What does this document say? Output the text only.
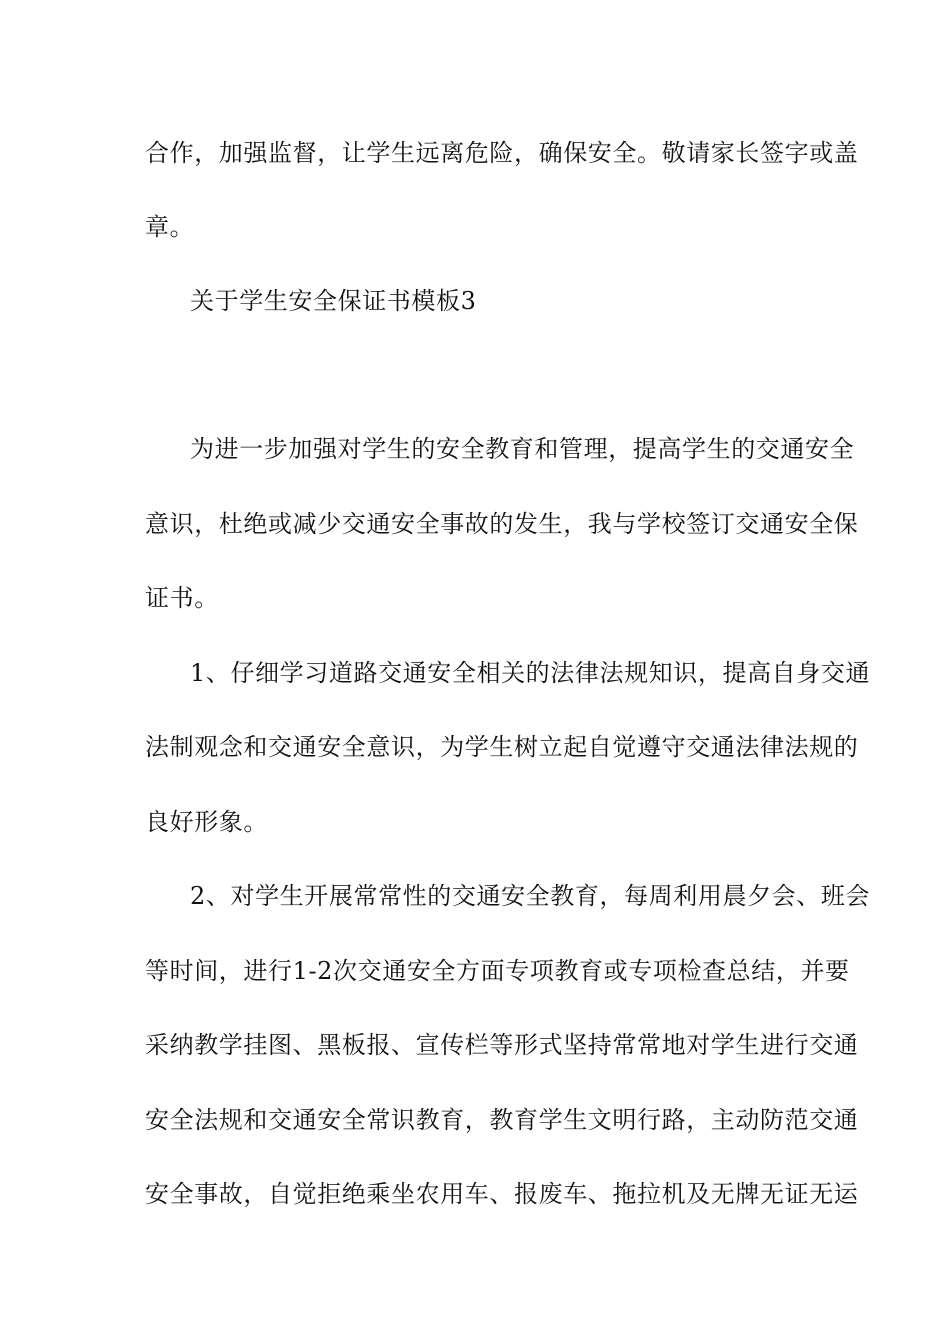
合作，加强监督，让学生远离危险，确保安全。敬请家长签字或盖
章。
关于学生安全保证书模板3
为进一步加强对学生的安全教育和管理，提高学生的交通安全
意识，杜绝或减少交通安全事故的发生，我与学校签订交通安全保
证书。
1、仔细学习道路交通安全相关的法律法规知识，提高自身交通
法制观念和交通安全意识，为学生树立起自觉遵守交通法律法规的
良好形象。
2、对学生开展常常性的交通安全教育，每周利用晨夕会、班会
等时间，进行1-2次交通安全方面专项教育或专项检查总结，并要
采纳教学挂图、黑板报、宣传栏等形式坚持常常地对学生进行交通
安全法规和交通安全常识教育，教育学生文明行路，主动防范交通
安全事故，自觉拒绝乘坐农用车、报废车、拖拉机及无牌无证无运
